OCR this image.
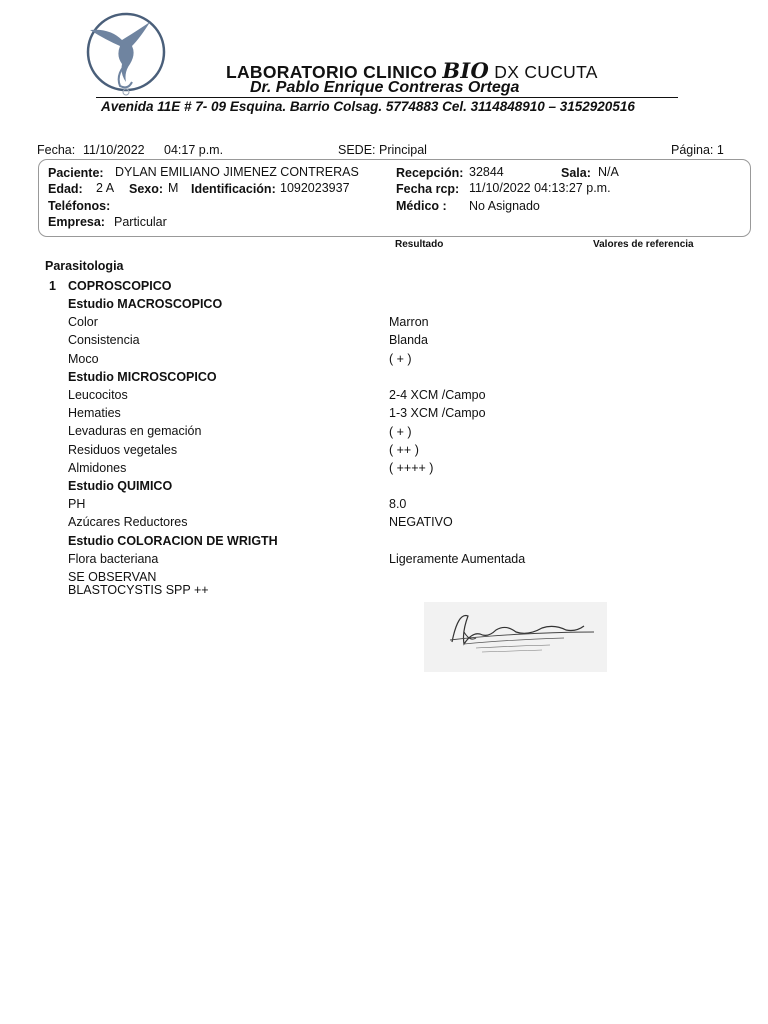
LABORATORIO CLINICO BIO DX CUCUTA
Dr. Pablo Enrique Contreras Ortega
Avenida 11E # 7- 09 Esquina. Barrio Colsag. 5774883 Cel. 3114848910 – 3152920516
Fecha: 11/10/2022 04:17 p.m.	SEDE: Principal	Página: 1
Paciente: DYLAN EMILIANO JIMENEZ CONTRERAS
Edad: 2 A Sexo: M Identificación: 1092023937
Teléfonos:
Empresa: Particular
Recepción: 32844	Sala: N/A
Fecha rcp: 11/10/2022 04:13:27 p.m.
Médico : No Asignado
Resultado	Valores de referencia
Parasitologia
1 COPROSCOPICO
Estudio MACROSCOPICO
Color	Marron
Consistencia	Blanda
Moco	( + )
Estudio MICROSCOPICO
Leucocitos	2-4 XCM /Campo
Hematies	1-3 XCM /Campo
Levaduras en gemación	( + )
Residuos vegetales	( ++ )
Almidones	( ++++ )
Estudio QUIMICO
PH	8.0
Azúcares Reductores	NEGATIVO
Estudio COLORACION DE WRIGTH
Flora bacteriana	Ligeramente Aumentada
SE OBSERVAN
BLASTOCYSTIS SPP ++
